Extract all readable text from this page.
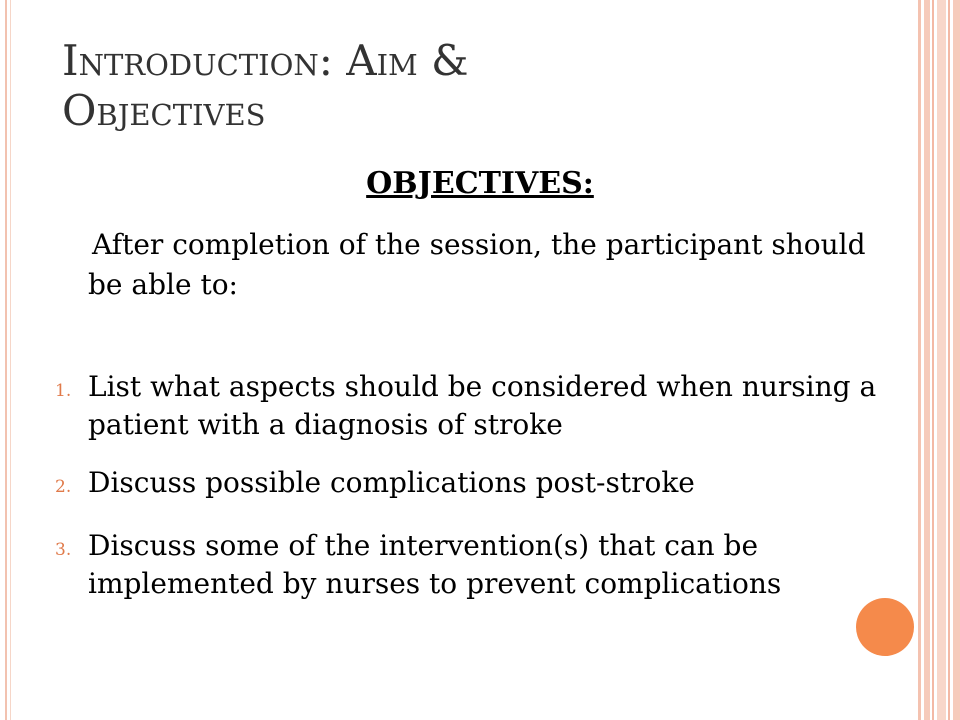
Introduction: Aim &
Objectives
OBJECTIVES:
After completion of the session, the participant should be able to:
1. List what aspects should be considered when nursing a patient with a diagnosis of stroke
2. Discuss possible complications post-stroke
3. Discuss some of the intervention(s) that can be implemented by nurses to prevent complications
